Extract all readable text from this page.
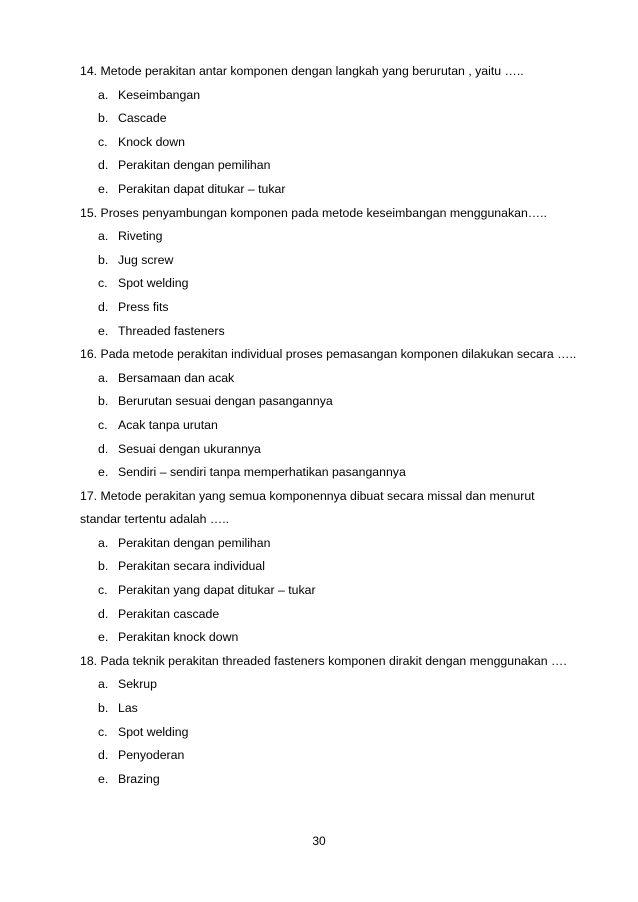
14. Metode perakitan antar komponen dengan langkah yang berurutan , yaitu …..

a. Keseimbangan

b. Cascade

c. Knock down

d. Perakitan dengan pemilihan

e. Perakitan dapat ditukar – tukar

15. Proses penyambungan komponen pada metode keseimbangan menggunakan…..

a. Riveting

b. Jug screw

c. Spot welding

d. Press fits

e. Threaded fasteners

16. Pada metode perakitan individual proses pemasangan komponen dilakukan secara …..

a. Bersamaan dan acak

b. Berurutan sesuai dengan pasangannya

c. Acak tanpa urutan

d. Sesuai dengan ukurannya

e. Sendiri – sendiri tanpa memperhatikan pasangannya

17. Metode perakitan yang semua komponennya dibuat secara missal dan menurut standar tertentu adalah …..

a. Perakitan dengan pemilihan

b. Perakitan secara individual

c. Perakitan yang dapat ditukar – tukar

d. Perakitan cascade

e. Perakitan knock down

18. Pada teknik perakitan threaded fasteners komponen dirakit dengan menggunakan ….

a. Sekrup

b. Las

c. Spot welding

d. Penyoderan

e. Brazing

30
